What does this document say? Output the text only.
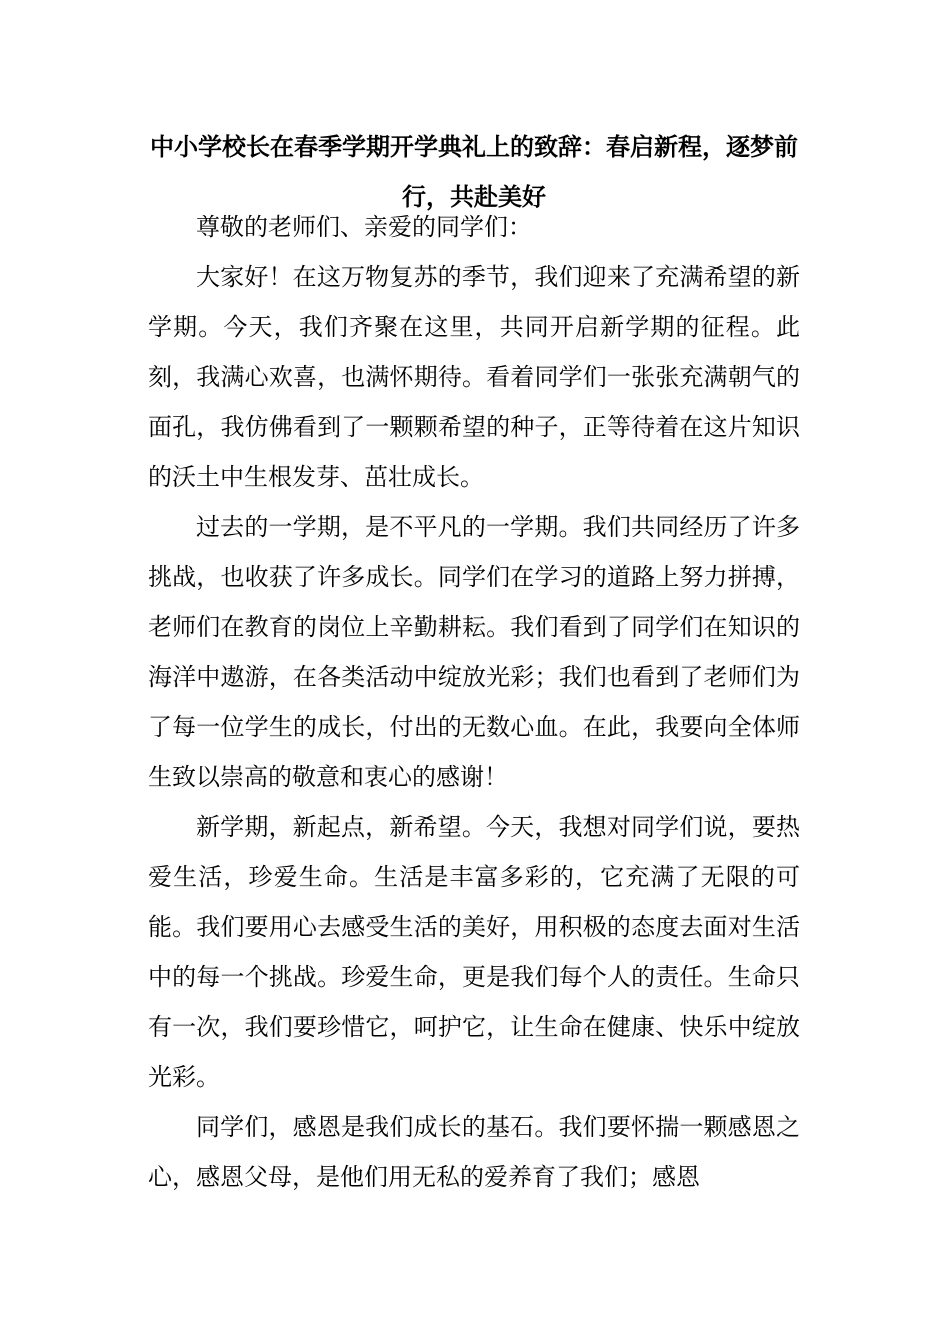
中小学校长在春季学期开学典礼上的致辞：春启新程，逐梦前行，共赴美好

尊敬的老师们、亲爱的同学们：

大家好！在这万物复苏的季节，我们迎来了充满希望的新学期。今天，我们齐聚在这里，共同开启新学期的征程。此刻，我满心欢喜，也满怀期待。看着同学们一张张充满朝气的面孔，我仿佛看到了一颗颗希望的种子，正等待着在这片知识的沃土中生根发芽、茁壮成长。

过去的一学期，是不平凡的一学期。我们共同经历了许多挑战，也收获了许多成长。同学们在学习的道路上努力拼搏，老师们在教育的岗位上辛勤耕耘。我们看到了同学们在知识的海洋中遨游，在各类活动中绽放光彩；我们也看到了老师们为了每一位学生的成长，付出的无数心血。在此，我要向全体师生致以崇高的敬意和衷心的感谢！

新学期，新起点，新希望。今天，我想对同学们说，要热爱生活，珍爱生命。生活是丰富多彩的，它充满了无限的可能。我们要用心去感受生活的美好，用积极的态度去面对生活中的每一个挑战。珍爱生命，更是我们每个人的责任。生命只有一次，我们要珍惜它，呵护它，让生命在健康、快乐中绽放光彩。

同学们，感恩是我们成长的基石。我们要怀揣一颗感恩之心，感恩父母，是他们用无私的爱养育了我们；感恩
